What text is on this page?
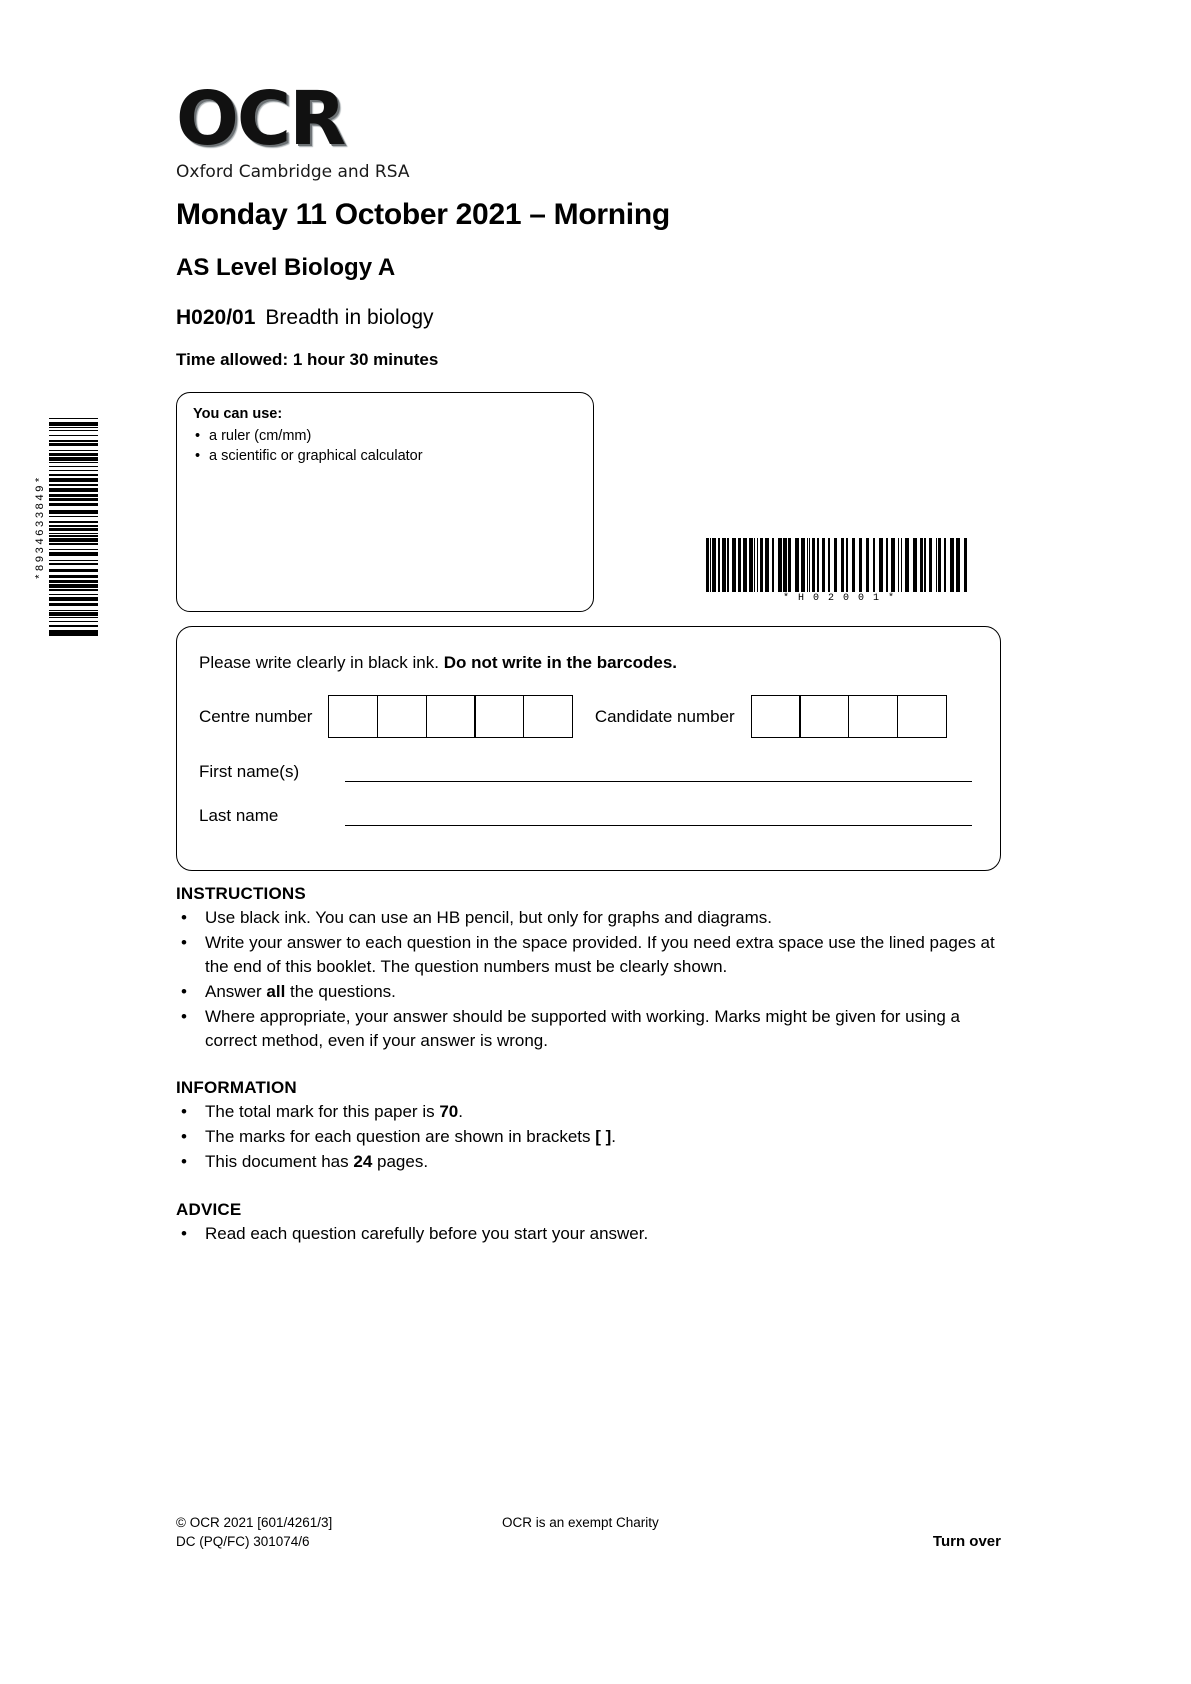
*8934633849*
OCR
Oxford Cambridge and RSA
Monday 11 October 2021 – Morning
AS Level Biology A
H020/01 Breadth in biology
Time allowed: 1 hour 30 minutes
You can use:
• a ruler (cm/mm)
• a scientific or graphical calculator
*H02001*
Please write clearly in black ink. Do not write in the barcodes.
Centre number	Candidate number
First name(s)
Last name
INSTRUCTIONS
• Use black ink. You can use an HB pencil, but only for graphs and diagrams.
• Write your answer to each question in the space provided. If you need extra space use the lined pages at the end of this booklet. The question numbers must be clearly shown.
• Answer all the questions.
• Where appropriate, your answer should be supported with working. Marks might be given for using a correct method, even if your answer is wrong.
INFORMATION
• The total mark for this paper is 70.
• The marks for each question are shown in brackets [ ].
• This document has 24 pages.
ADVICE
• Read each question carefully before you start your answer.
© OCR 2021 [601/4261/3]
DC (PQ/FC) 301074/6
OCR is an exempt Charity
Turn over
